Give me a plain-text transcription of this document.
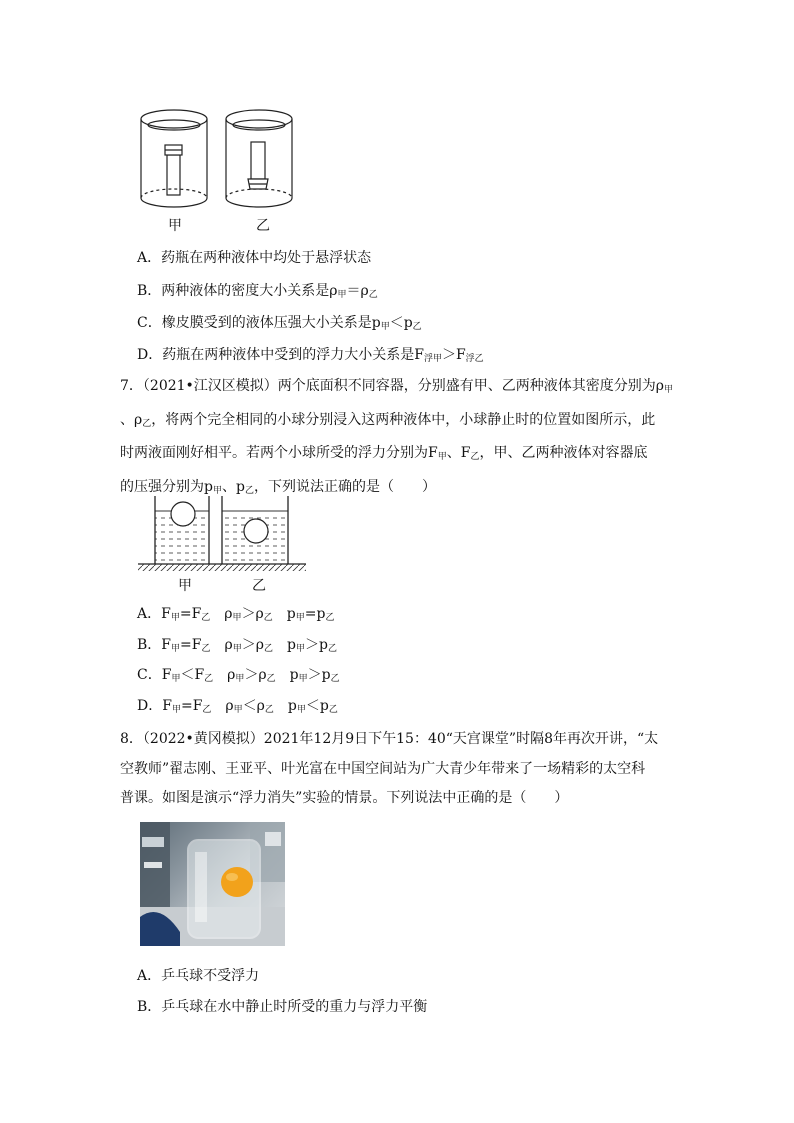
甲	乙
A．药瓶在两种液体中均处于悬浮状态
B．两种液体的密度大小关系是$\rho_甲=\rho_乙$
C．橡皮膜受到的液体压强大小关系是$p_甲<p_乙$
D．药瓶在两种液体中受到的浮力大小关系是$F_{浮甲}>F_{浮乙}$
7．（2021•江汉区模拟）两个底面积不同容器，分别盛有甲、乙两种液体其密度分别为$\rho_甲$
、$\rho_乙$，将两个完全相同的小球分别浸入这两种液体中，小球静止时的位置如图所示，此
时两液面刚好相平。若两个小球所受的浮力分别为$F_甲$、$F_乙$，甲、乙两种液体对容器底
的压强分别为$p_甲$、$p_乙$，下列说法正确的是（　　）
甲	乙
A．$F_甲=F_乙$　$\rho_甲>\rho_乙$　$p_甲=p_乙$
B．$F_甲=F_乙$　$\rho_甲>\rho_乙$　$p_甲>p_乙$
C．$F_甲<F_乙$　$\rho_甲>\rho_乙$　$p_甲>p_乙$
D．$F_甲=F_乙$　$\rho_甲<\rho_乙$　$p_甲<p_乙$
8．（2022•黄冈模拟）2021年12月9日下午15：40“天宫课堂”时隔8年再次开讲，“太
空教师”翟志刚、王亚平、叶光富在中国空间站为广大青少年带来了一场精彩的太空科
普课。如图是演示“浮力消失”实验的情景。下列说法中正确的是（　　）
A．乒乓球不受浮力
B．乒乓球在水中静止时所受的重力与浮力平衡
